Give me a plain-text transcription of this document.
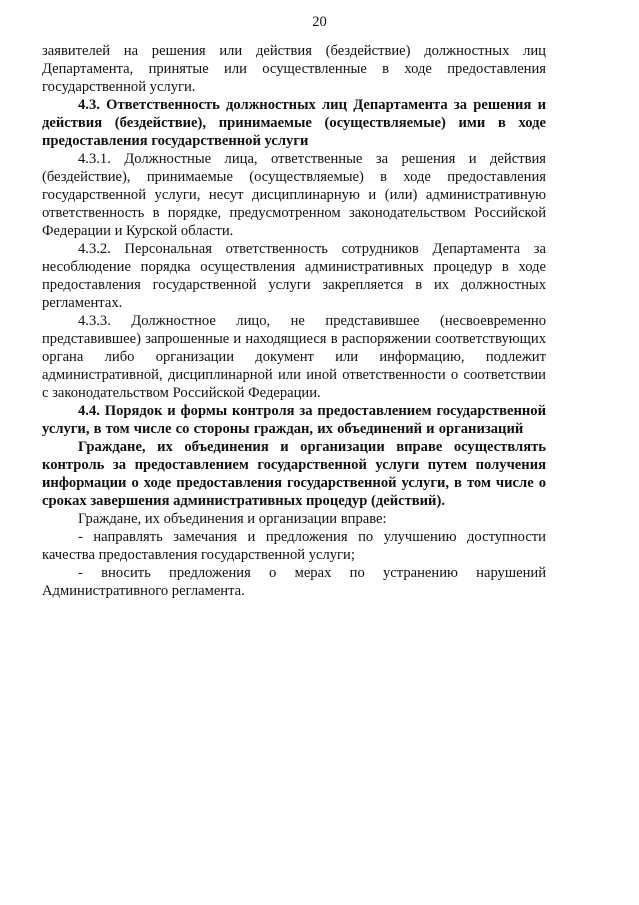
20

заявителей на решения или действия (бездействие) должностных лиц Департамента, принятые или осуществленные в ходе предоставления государственной услуги.

4.3. Ответственность должностных лиц Департамента за решения и действия (бездействие), принимаемые (осуществляемые) ими в ходе предоставления государственной услуги

4.3.1. Должностные лица, ответственные за решения и действия (бездействие), принимаемые (осуществляемые) в ходе предоставления государственной услуги, несут дисциплинарную и (или) административную ответственность в порядке, предусмотренном законодательством Российской Федерации и Курской области.

4.3.2. Персональная ответственность сотрудников Департамента за несоблюдение порядка осуществления административных процедур в ходе предоставления государственной услуги закрепляется в их должностных регламентах.

4.3.3. Должностное лицо, не представившее (несвоевременно представившее) запрошенные и находящиеся в распоряжении соответствующих органа либо организации документ или информацию, подлежит административной, дисциплинарной или иной ответственности о соответствии с законодательством Российской Федерации.

4.4. Порядок и формы контроля за предоставлением государственной услуги, в том числе со стороны граждан, их объединений и организаций

Граждане, их объединения и организации вправе осуществлять контроль за предоставлением государственной услуги путем получения информации о ходе предоставления государственной услуги, в том числе о сроках завершения административных процедур (действий).

Граждане, их объединения и организации вправе:

- направлять замечания и предложения по улучшению доступности качества предоставления государственной услуги;

- вносить предложения о мерах по устранению нарушений Административного регламента.
